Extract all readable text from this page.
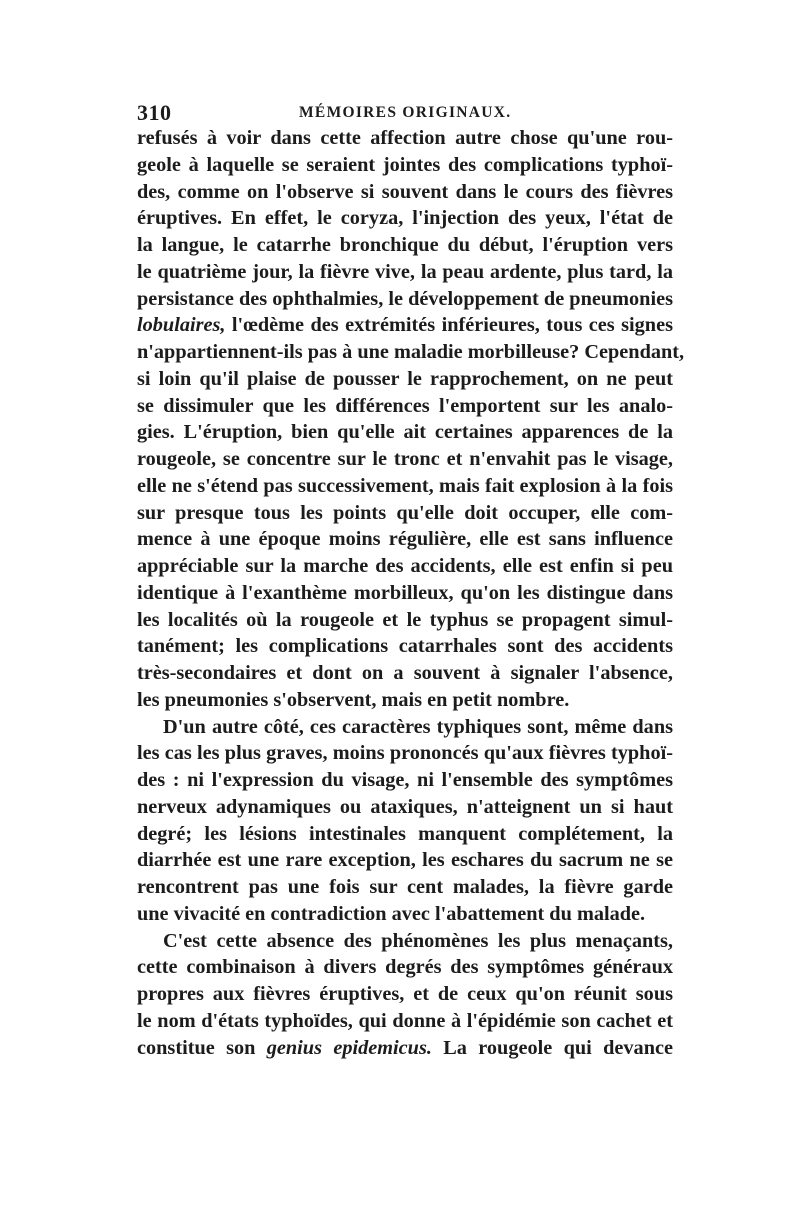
310	MÉMOIRES ORIGINAUX.
refusés à voir dans cette affection autre chose qu'une rou-
geole à laquelle se seraient jointes des complications typhoï-
des, comme on l'observe si souvent dans le cours des fièvres
éruptives. En effet, le coryza, l'injection des yeux, l'état de
la langue, le catarrhe bronchique du début, l'éruption vers
le quatrième jour, la fièvre vive, la peau ardente, plus tard, la
persistance des ophthalmies, le développement de pneumonies
lobulaires, l'œdème des extrémités inférieures, tous ces signes
n'appartiennent-ils pas à une maladie morbilleuse? Cependant,
si loin qu'il plaise de pousser le rapprochement, on ne peut
se dissimuler que les différences l'emportent sur les analo-
gies. L'éruption, bien qu'elle ait certaines apparences de la
rougeole, se concentre sur le tronc et n'envahit pas le visage,
elle ne s'étend pas successivement, mais fait explosion à la fois
sur presque tous les points qu'elle doit occuper, elle com-
mence à une époque moins régulière, elle est sans influence
appréciable sur la marche des accidents, elle est enfin si peu
identique à l'exanthème morbilleux, qu'on les distingue dans
les localités où la rougeole et le typhus se propagent simul-
tanément; les complications catarrhales sont des accidents
très-secondaires et dont on a souvent à signaler l'absence,
les pneumonies s'observent, mais en petit nombre.
D'un autre côté, ces caractères typhiques sont, même dans
les cas les plus graves, moins prononcés qu'aux fièvres typhoï-
des : ni l'expression du visage, ni l'ensemble des symptômes
nerveux adynamiques ou ataxiques, n'atteignent un si haut
degré; les lésions intestinales manquent complétement, la
diarrhée est une rare exception, les eschares du sacrum ne se
rencontrent pas une fois sur cent malades, la fièvre garde
une vivacité en contradiction avec l'abattement du malade.
C'est cette absence des phénomènes les plus menaçants,
cette combinaison à divers degrés des symptômes généraux
propres aux fièvres éruptives, et de ceux qu'on réunit sous
le nom d'états typhoïdes, qui donne à l'épidémie son cachet et
constitue son genius epidemicus. La rougeole qui devance
